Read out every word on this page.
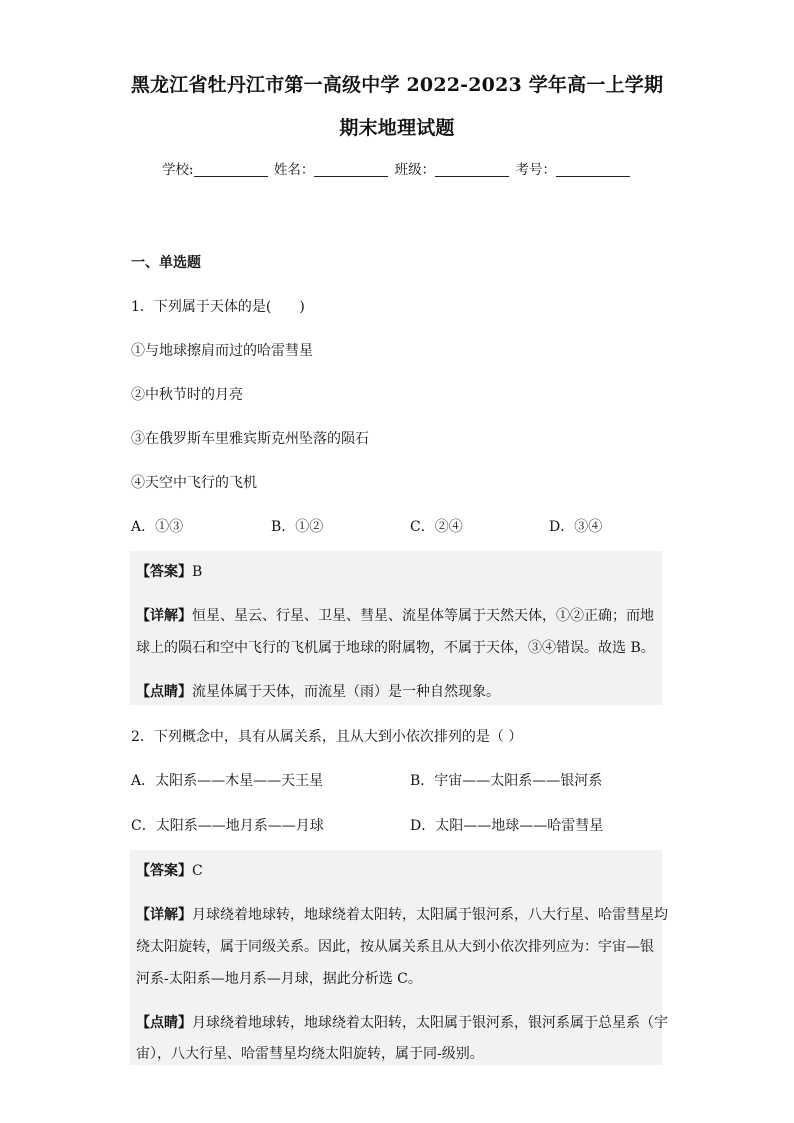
黑龙江省牡丹江市第一高级中学 2022-2023 学年高一上学期
期末地理试题
学校:	姓名：	班级：	考号：
一、单选题
1．下列属于天体的是(　　)
①与地球擦肩而过的哈雷彗星
②中秋节时的月亮
③在俄罗斯车里雅宾斯克州坠落的陨石
④天空中飞行的飞机
A．①③	B．①②	C．②④	D．③④
【答案】B
【详解】恒星、星云、行星、卫星、彗星、流星体等属于天然天体，①②正确；而地
球上的陨石和空中飞行的飞机属于地球的附属物，不属于天体，③④错误。故选 B。
【点睛】流星体属于天体，而流星（雨）是一种自然现象。
2．下列概念中，具有从属关系，且从大到小依次排列的是（ ）
A．太阳系——木星——天王星	B．宇宙——太阳系——银河系
C．太阳系——地月系——月球	D．太阳——地球——哈雷彗星
【答案】C
【详解】月球绕着地球转，地球绕着太阳转，太阳属于银河系，八大行星、哈雷彗星均
绕太阳旋转，属于同级关系。因此，按从属关系且从大到小依次排列应为：宇宙—银
河系-太阳系—地月系—月球，据此分析选 C。
【点睛】月球绕着地球转，地球绕着太阳转，太阳属于银河系，银河系属于总星系（宇
宙），八大行星、哈雷彗星均绕太阳旋转，属于同-级别。
